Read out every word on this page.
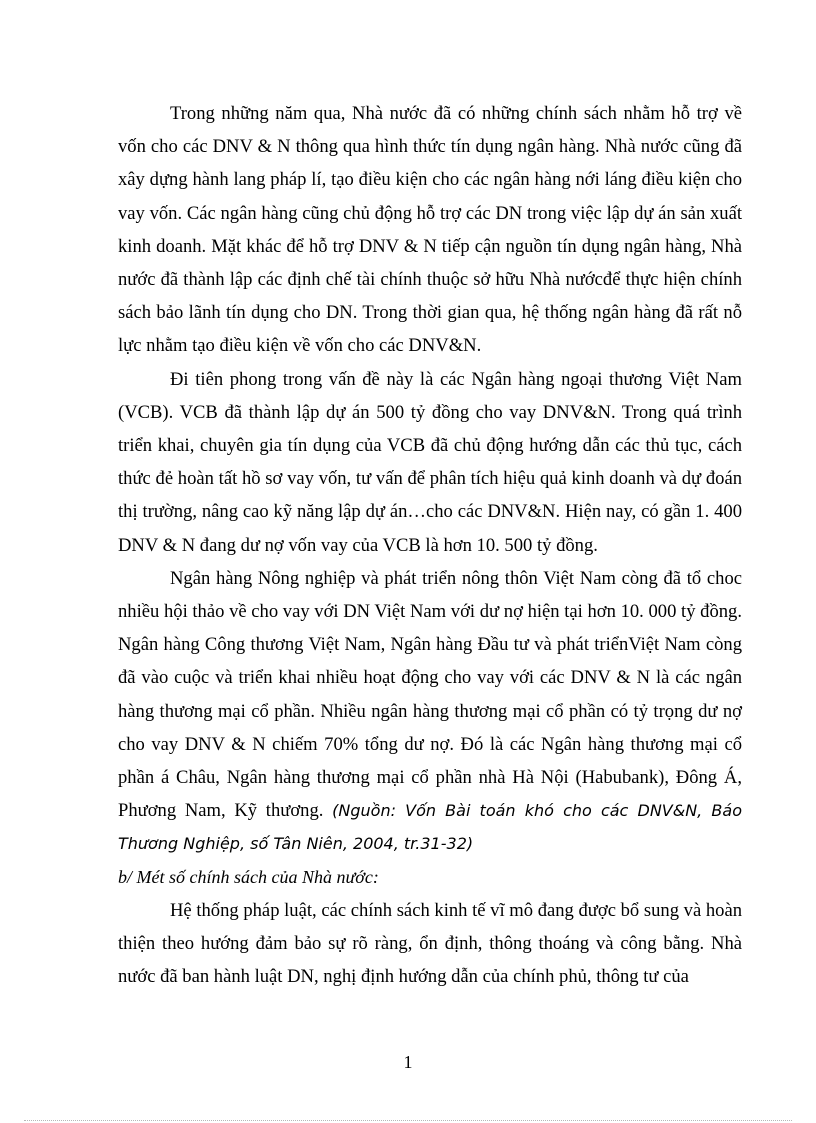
Trong những năm qua, Nhà nước đã có những chính sách nhằm hỗ trợ về vốn cho các DNV & N thông qua hình thức tín dụng ngân hàng. Nhà nước cũng đã xây dựng hành lang pháp lí, tạo điều kiện cho các ngân hàng nới láng điều kiện cho vay vốn. Các ngân hàng cũng chủ động hỗ trợ các DN trong việc lập dự án sản xuất kinh doanh. Mặt khác để hỗ trợ DNV & N tiếp cận nguồn tín dụng ngân hàng, Nhà nước đã thành lập các định chế tài chính thuộc sở hữu Nhà nướcđể thực hiện chính sách bảo lãnh tín dụng cho DN. Trong thời gian qua, hệ thống ngân hàng đã rất nỗ lực nhằm tạo điều kiện về vốn cho các DNV&N.

Đi tiên phong trong vấn đề này là các Ngân hàng ngoại thương Việt Nam (VCB). VCB đã thành lập dự án 500 tỷ đồng cho vay DNV&N. Trong quá trình triển khai, chuyên gia tín dụng của VCB đã chủ động hướng dẫn các thủ tục, cách thức đẻ hoàn tất hồ sơ vay vốn, tư vấn để phân tích hiệu quả kinh doanh và dự đoán thị trường, nâng cao kỹ năng lập dự án…cho các DNV&N. Hiện nay, có gần 1. 400 DNV & N đang dư nợ vốn vay của VCB là hơn 10. 500 tỷ đồng.

Ngân hàng Nông nghiệp và phát triển nông thôn Việt Nam còng đã tổ choc nhiều hội thảo về cho vay với DN Việt Nam với dư nợ hiện tại hơn 10. 000 tỷ đồng. Ngân hàng Công thương Việt Nam, Ngân hàng Đầu tư và phát triểnViệt Nam còng đã vào cuộc và triển khai nhiều hoạt động cho vay với các DNV & N là các ngân hàng thương mại cổ phần. Nhiều ngân hàng thương mại cổ phần có tỷ trọng dư nợ cho vay DNV & N chiếm 70% tổng dư nợ. Đó là các Ngân hàng thương mại cổ phần á Châu, Ngân hàng thương mại cổ phần nhà Hà Nội (Habubank), Đông Á, Phương Nam, Kỹ thương. (Nguồn: Vốn Bài toán khó cho các DNV&N, Báo Thương Nghiệp, số Tân Niên, 2004, tr.31-32)

b/ Mét số chính sách của Nhà nước:

Hệ thống pháp luật, các chính sách kinh tế vĩ mô đang được bổ sung và hoàn thiện theo hướng đảm bảo sự rõ ràng, ổn định, thông thoáng và công bằng. Nhà nước đã ban hành luật DN, nghị định hướng dẫn của chính phủ, thông tư của

1
